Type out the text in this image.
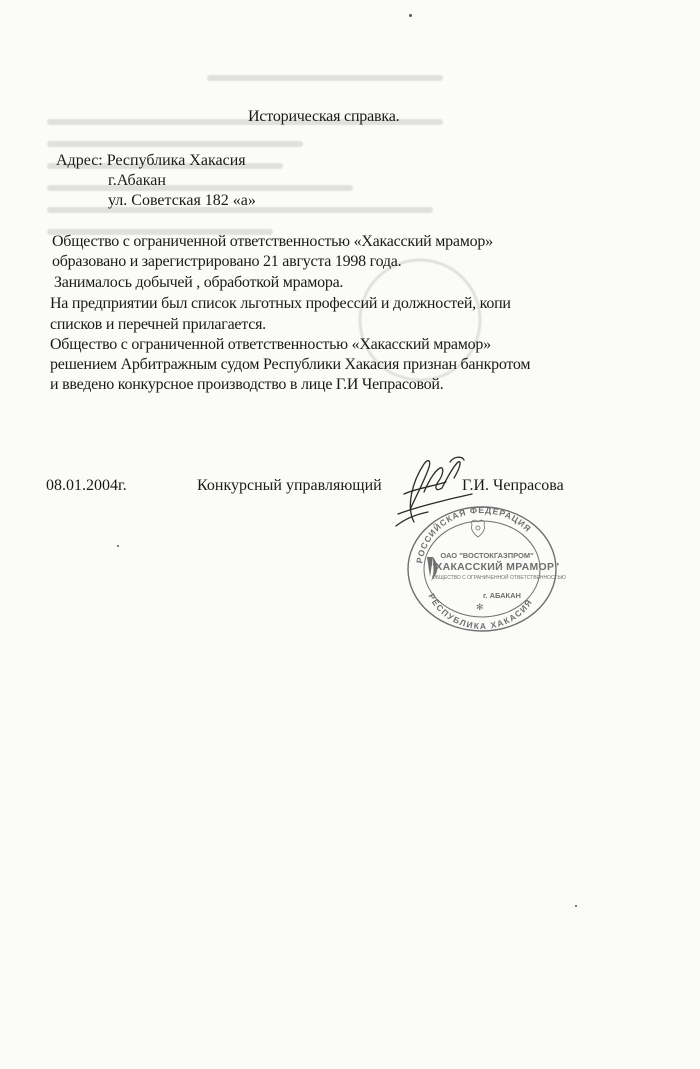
Историческая справка.
Адрес: Республика Хакасия
г.Абакан
ул. Советская 182 «а»
Общество с ограниченной ответственностью «Хакасский мрамор»
образовано и зарегистрировано 21 августа 1998 года.
Занималось добычей , обработкой мрамора.
На предприятии был список льготных профессий и должностей, копи
списков и перечней прилагается.
Общество с ограниченной ответственностью «Хакасский мрамор»
решением Арбитражным судом Республики Хакасия признан банкротом
и введено конкурсное производство в лице Г.И Чепрасовой.
08.01.2004г.	Конкурсный управляющий	Г.И. Чепрасова
РОССИЙСКАЯ ФЕДЕРАЦИЯ
РЕСПУБЛИКА ХАКАСИЯ
ОАО "ВОСТОКГАЗПРОМ"
"ХАКАССКИЙ МРАМОР"
ОБЩЕСТВО С ОГРАНИЧЕННОЙ ОТВЕТСТВЕННОСТЬЮ
г. АБАКАН
✻
